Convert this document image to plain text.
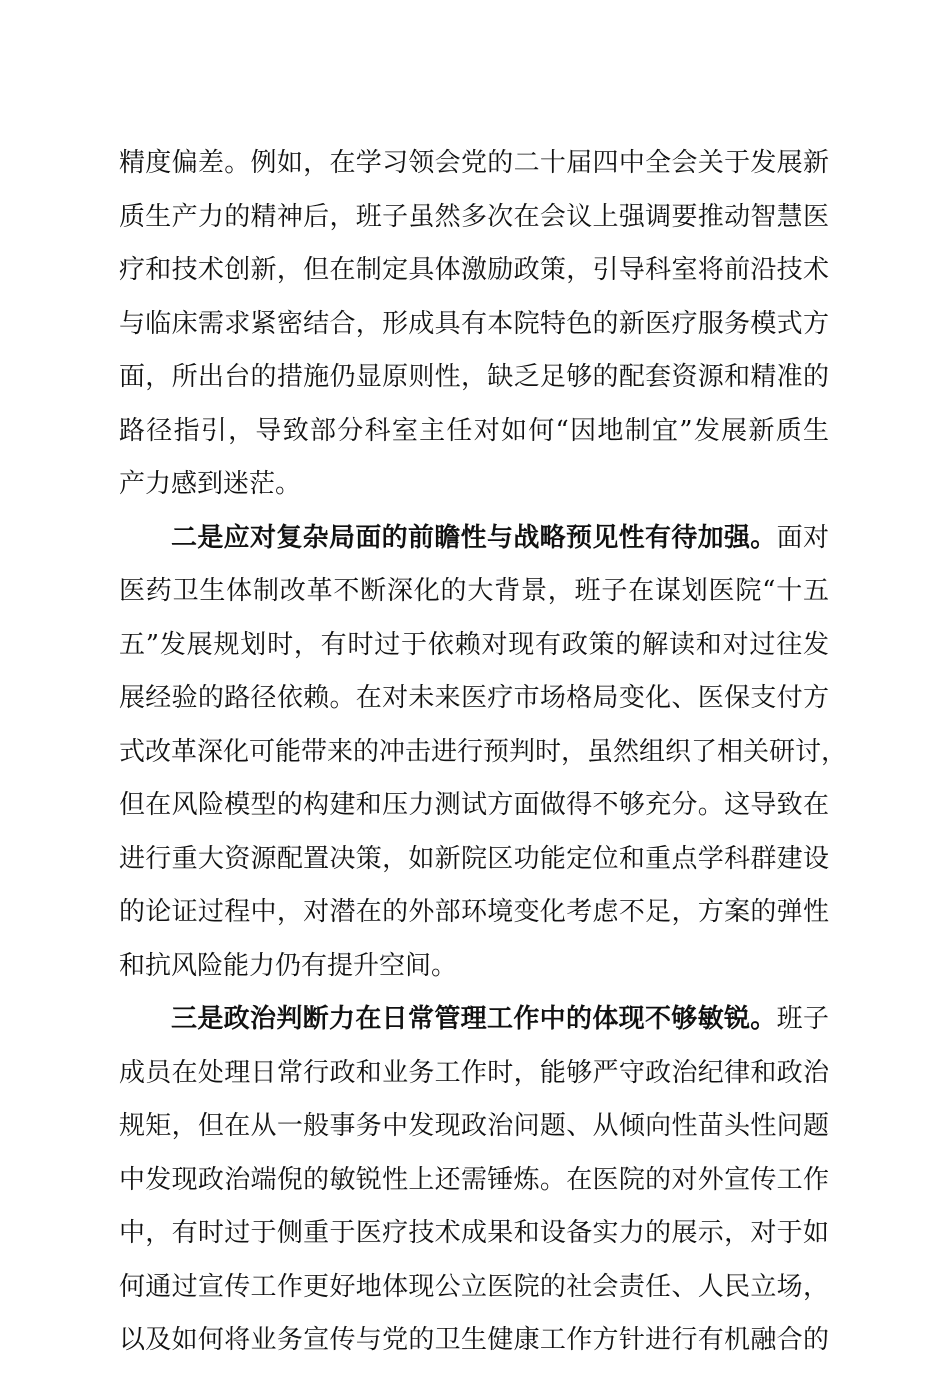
精度偏差。例如，在学习领会党的二十届四中全会关于发展新
质生产力的精神后，班子虽然多次在会议上强调要推动智慧医
疗和技术创新，但在制定具体激励政策，引导科室将前沿技术
与临床需求紧密结合，形成具有本院特色的新医疗服务模式方
面，所出台的措施仍显原则性，缺乏足够的配套资源和精准的
路径指引，导致部分科室主任对如何“因地制宜”发展新质生
产力感到迷茫。
二是应对复杂局面的前瞻性与战略预见性有待加强。面对
医药卫生体制改革不断深化的大背景，班子在谋划医院“十五
五”发展规划时，有时过于依赖对现有政策的解读和对过往发
展经验的路径依赖。在对未来医疗市场格局变化、医保支付方
式改革深化可能带来的冲击进行预判时，虽然组织了相关研讨，
但在风险模型的构建和压力测试方面做得不够充分。这导致在
进行重大资源配置决策，如新院区功能定位和重点学科群建设
的论证过程中，对潜在的外部环境变化考虑不足，方案的弹性
和抗风险能力仍有提升空间。
三是政治判断力在日常管理工作中的体现不够敏锐。班子
成员在处理日常行政和业务工作时，能够严守政治纪律和政治
规矩，但在从一般事务中发现政治问题、从倾向性苗头性问题
中发现政治端倪的敏锐性上还需锤炼。在医院的对外宣传工作
中，有时过于侧重于医疗技术成果和设备实力的展示，对于如
何通过宣传工作更好地体现公立医院的社会责任、人民立场，
以及如何将业务宣传与党的卫生健康工作方针进行有机融合的
